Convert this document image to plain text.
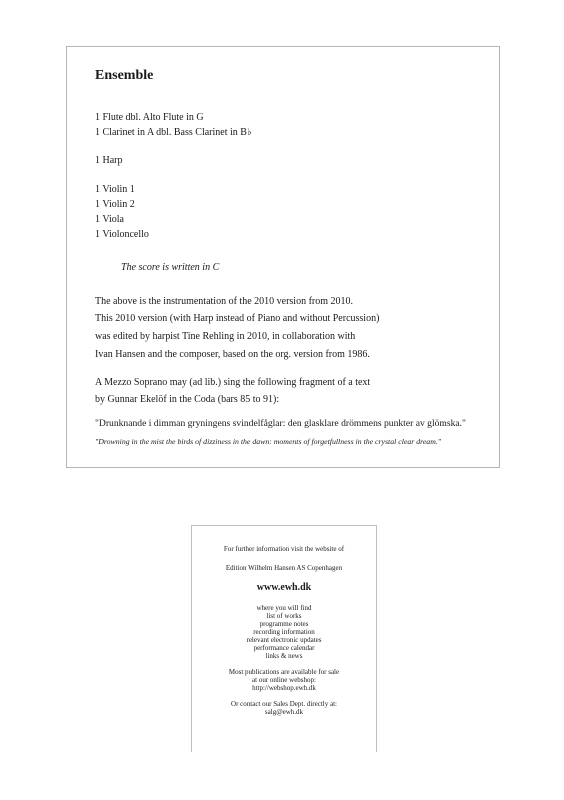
Ensemble
1 Flute dbl. Alto Flute in G
1 Clarinet in A dbl. Bass Clarinet in B♭
1 Harp
1 Violin 1
1 Violin 2
1 Viola
1 Violoncello
The score is written in C
The above is the instrumentation of the 2010 version from 2010.
This 2010 version (with Harp instead of Piano and without Percussion)
was edited by harpist Tine Rehling in 2010, in collaboration with
Ivan Hansen and the composer, based on the org. version from 1986.
A Mezzo Soprano may (ad lib.) sing the following fragment of a text
by Gunnar Ekelöf in the Coda (bars 85 to 91):
"Drunknande i dimman gryningens svindelfåglar: den glasklare drömmens punkter av glömska."
"Drowning in the mist the birds of dizziness in the dawn: moments of forgetfullness in the crystal clear dream."
For further information visit the website of
Edition Wilhelm Hansen AS Copenhagen
www.ewh.dk
where you will find
list of works
programme notes
recording information
relevant electronic updates
performance calendar
links & news
Most publications are available for sale
at our online webshop:
http://webshop.ewh.dk
Or contact our Sales Dept. directly at:
salg@ewh.dk
